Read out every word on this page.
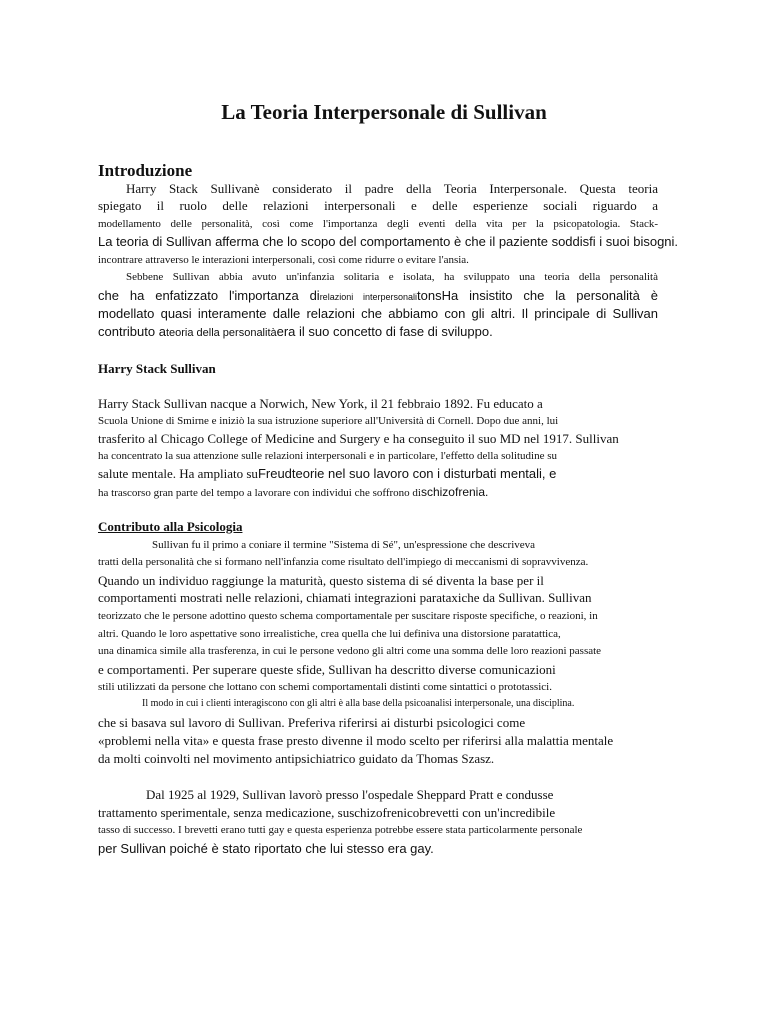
La Teoria Interpersonale di Sullivan
Introduzione

Harry Stack Sullivanè considerato il padre della Teoria Interpersonale. Questa teoria

spiegato il ruolo delle relazioni interpersonali e delle esperienze sociali riguardo a

modellamento delle personalità, così come l'importanza degli eventi della vita per la psicopatologia. Stack-

La teoria di Sullivan afferma che lo scopo del comportamento è che il paziente soddisfi i suoi bisogni.

incontrare attraverso le interazioni interpersonali, così come ridurre o evitare l'ansia.

Sebbene Sullivan abbia avuto un'infanzia solitaria e isolata, ha sviluppato una teoria della personalità

che ha enfatizzato l'importanza direlazioni interpersonalitonsHa insistito che la personalità è

modellato quasi interamente dalle relazioni che abbiamo con gli altri. Il principale di Sullivan

contributo ateoria della personalitàera il suo concetto di fase di sviluppo.

Harry Stack Sullivan

Harry Stack Sullivan nacque a Norwich, New York, il 21 febbraio 1892. Fu educato a

Scuola Unione di Smirne e iniziò la sua istruzione superiore all'Università di Cornell. Dopo due anni, lui

trasferito al Chicago College of Medicine and Surgery e ha conseguito il suo MD nel 1917. Sullivan

ha concentrato la sua attenzione sulle relazioni interpersonali e in particolare, l'effetto della solitudine su

salute mentale. Ha ampliato suFreudteorie nel suo lavoro con i disturbati mentali, e

ha trascorso gran parte del tempo a lavorare con individui che soffrono dischizofrenia.

Contributo alla Psicologia

Sullivan fu il primo a coniare il termine "Sistema di Sé", un'espressione che descriveva

tratti della personalità che si formano nell'infanzia come risultato dell'impiego di meccanismi di sopravvivenza.

Quando un individuo raggiunge la maturità, questo sistema di sé diventa la base per il

comportamenti mostrati nelle relazioni, chiamati integrazioni parataxiche da Sullivan. Sullivan

teorizzato che le persone adottino questo schema comportamentale per suscitare risposte specifiche, o reazioni, in

altri. Quando le loro aspettative sono irrealistiche, crea quella che lui definiva una distorsione paratattica,

una dinamica simile alla trasferenza, in cui le persone vedono gli altri come una somma delle loro reazioni passate

e comportamenti. Per superare queste sfide, Sullivan ha descritto diverse comunicazioni

stili utilizzati da persone che lottano con schemi comportamentali distinti come sintattici o prototassici.

Il modo in cui i clienti interagiscono con gli altri è alla base della psicoanalisi interpersonale, una disciplina.

che si basava sul lavoro di Sullivan. Preferiva riferirsi ai disturbi psicologici come

«problemi nella vita» e questa frase presto divenne il modo scelto per riferirsi alla malattia mentale

da molti coinvolti nel movimento antipsichiatrico guidato da Thomas Szasz.

Dal 1925 al 1929, Sullivan lavorò presso l'ospedale Sheppard Pratt e condusse

trattamento sperimentale, senza medicazione, suschizofrenicobrevetti con un'incredibile

tasso di successo. I brevetti erano tutti gay e questa esperienza potrebbe essere stata particolarmente personale

per Sullivan poiché è stato riportato che lui stesso era gay.
